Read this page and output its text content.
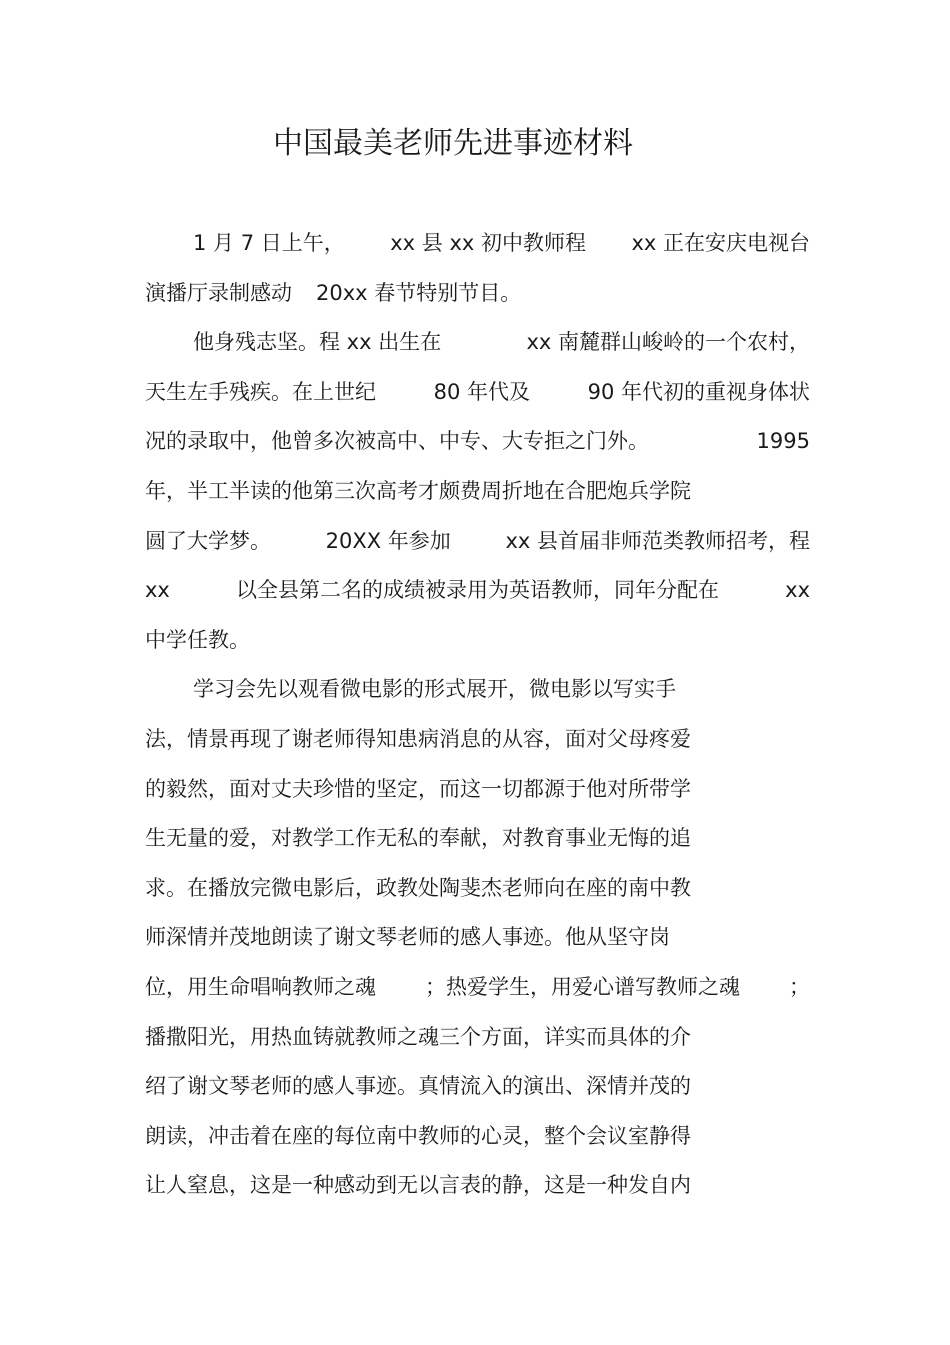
中国最美老师先进事迹材料
1 月 7 日上午， xx 县 xx 初中教师程 xx 正在安庆电视台
演播厅录制感动 20xx 春节特别节目。
他身残志坚。程 xx 出生在	xx 南麓群山峻岭的一个农村，
天生左手残疾。在上世纪	80 年代及	90 年代初的重视身体状
况的录取中，他曾多次被高中、中专、大专拒之门外。	1995
年，半工半读的他第三次高考才颇费周折地在合肥炮兵学院
圆了大学梦。	20XX 年参加	xx 县首届非师范类教师招考，程
xx	以全县第二名的成绩被录用为英语教师，同年分配在	xx
中学任教。
学习会先以观看微电影的形式展开，微电影以写实手
法，情景再现了谢老师得知患病消息的从容，面对父母疼爱
的毅然，面对丈夫珍惜的坚定，而这一切都源于他对所带学
生无量的爱，对教学工作无私的奉献，对教育事业无悔的追
求。在播放完微电影后，政教处陶斐杰老师向在座的南中教
师深情并茂地朗读了谢文琴老师的感人事迹。他从坚守岗
位，用生命唱响教师之魂 ；热爱学生，用爱心谱写教师之魂 ；
播撒阳光，用热血铸就教师之魂三个方面，详实而具体的介
绍了谢文琴老师的感人事迹。真情流入的演出、深情并茂的
朗读，冲击着在座的每位南中教师的心灵，整个会议室静得
让人窒息，这是一种感动到无以言表的静，这是一种发自内
